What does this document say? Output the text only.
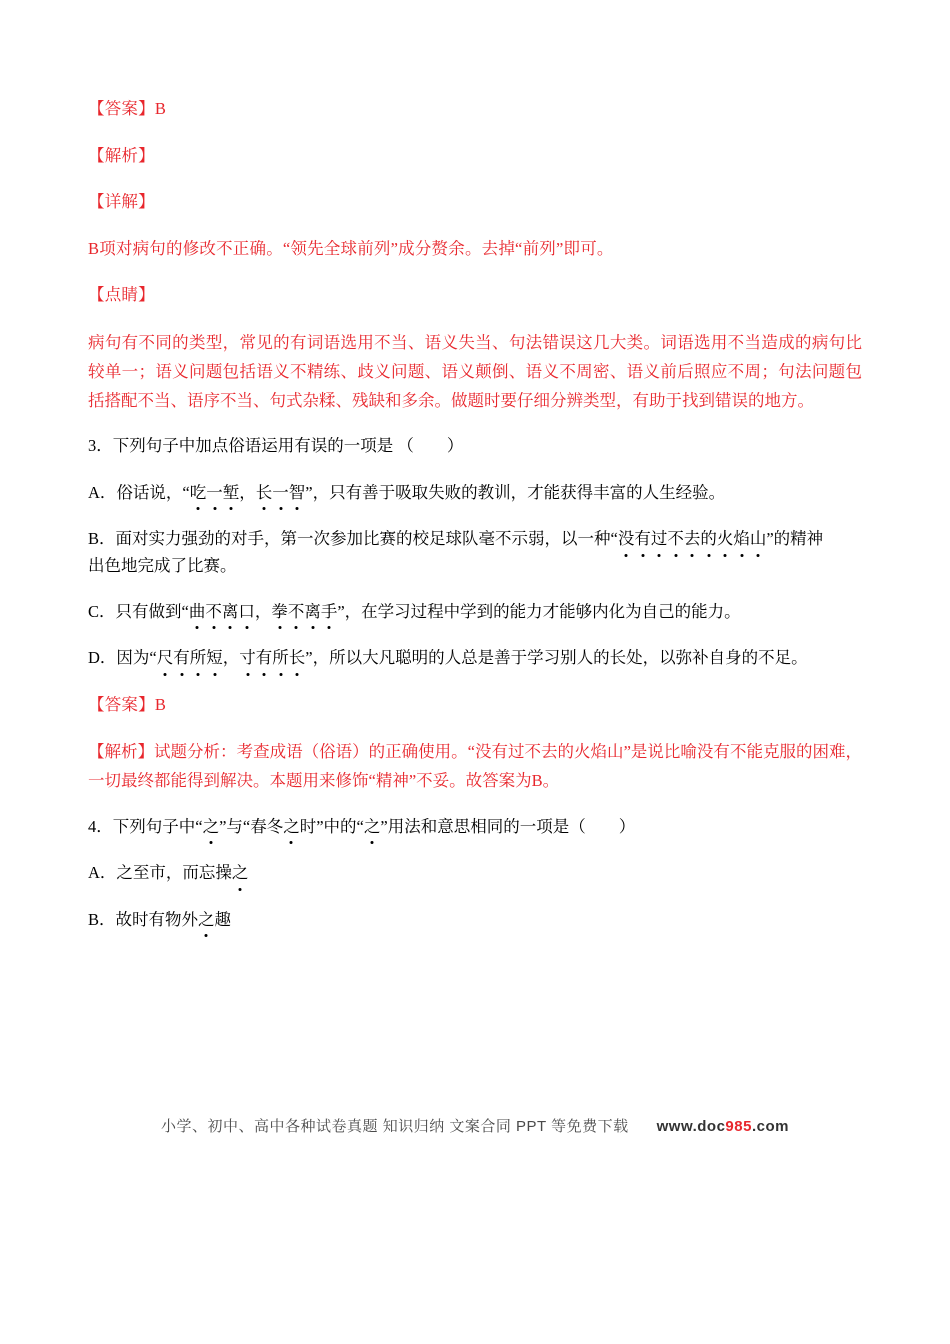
【答案】B

【解析】

【详解】

B项对病句的修改不正确。“领先全球前列”成分赘余。去掉“前列”即可。

【点睛】

病句有不同的类型，常见的有词语选用不当、语义失当、句法错误这几大类。词语选用不当造成的病句比较单一；语义问题包括语义不精练、歧义问题、语义颠倒、语义不周密、语义前后照应不周；句法问题包括搭配不当、语序不当、句式杂糅、残缺和多余。做题时要仔细分辨类型，有助于找到错误的地方。

3．下列句子中加点俗语运用有误的一项是 （　　）

A．俗话说，“吃一堑，长一智”，只有善于吸取失败的教训，才能获得丰富的人生经验。

B．面对实力强劲的对手，第一次参加比赛的校足球队毫不示弱，以一种“没有过不去的火焰山”的精神
出色地完成了比赛。

C．只有做到“曲不离口，拳不离手”，在学习过程中学到的能力才能够内化为自己的能力。

D．因为“尺有所短，寸有所长”，所以大凡聪明的人总是善于学习别人的长处，以弥补自身的不足。

【答案】B

【解析】试题分析：考查成语（俗语）的正确使用。“没有过不去的火焰山”是说比喻没有不能克服的困难，一切最终都能得到解决。本题用来修饰“精神”不妥。故答案为B。

4．下列句子中“之”与“春冬之时”中的“之”用法和意思相同的一项是（　　）

A．之至市，而忘操之

B．故时有物外之趣

小学、初中、高中各种试卷真题 知识归纳 文案合同 PPT 等免费下载 www.doc985.com
